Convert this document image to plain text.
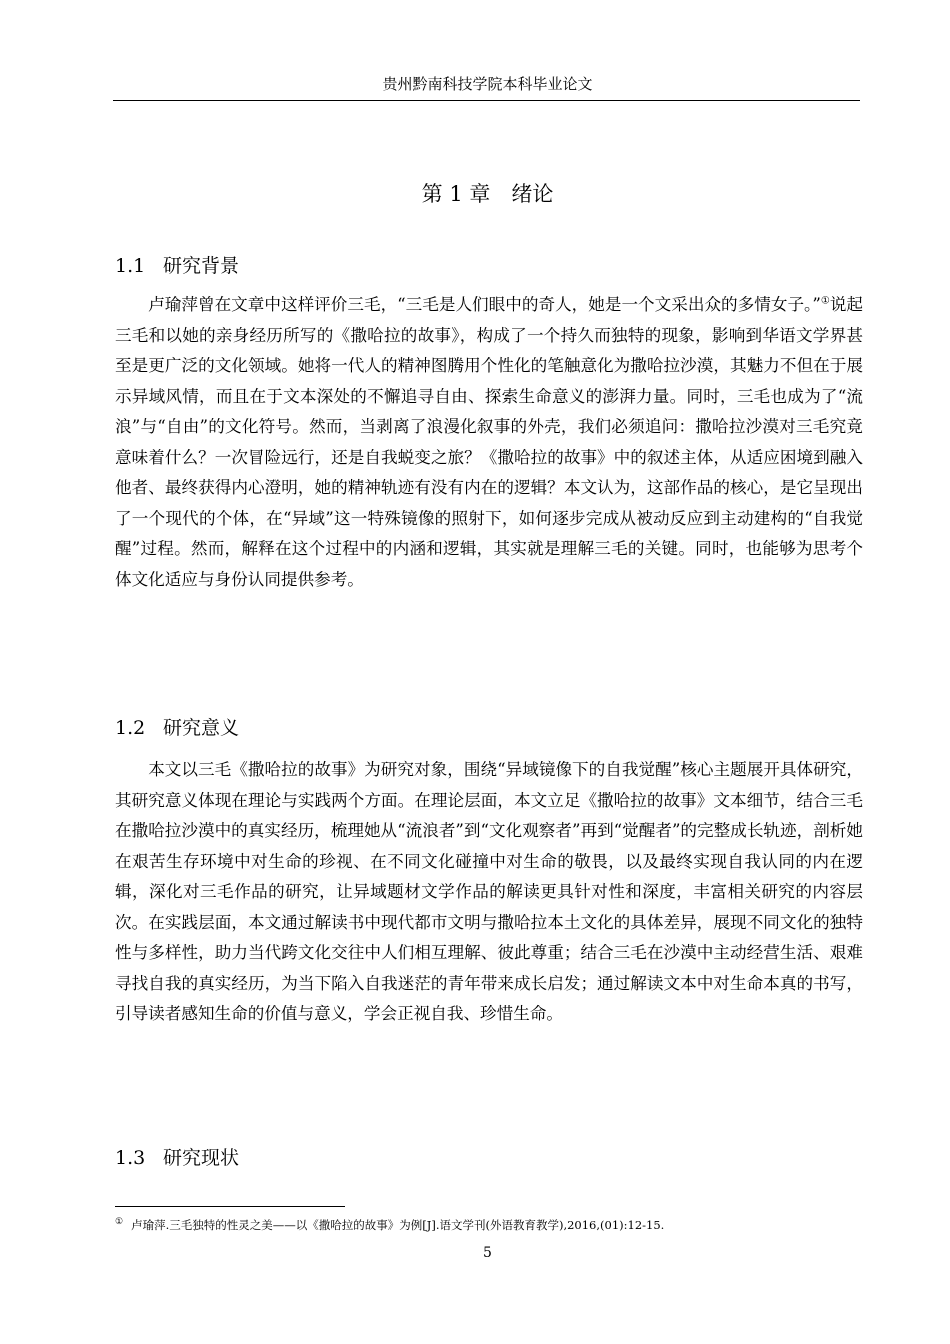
贵州黔南科技学院本科毕业论文
第 1 章　绪论
1.1 研究背景

卢瑜萍曾在文章中这样评价三毛，“三毛是人们眼中的奇人，她是一个文采出众的多情女子。”①说起三毛和以她的亲身经历所写的《撒哈拉的故事》，构成了一个持久而独特的现象，影响到华语文学界甚至是更广泛的文化领域。她将一代人的精神图腾用个性化的笔触意化为撒哈拉沙漠，其魅力不但在于展示异域风情，而且在于文本深处的不懈追寻自由、探索生命意义的澎湃力量。同时，三毛也成为了“流浪”与“自由”的文化符号。然而，当剥离了浪漫化叙事的外壳，我们必须追问：撒哈拉沙漠对三毛究竟意味着什么？一次冒险远行，还是自我蜕变之旅？《撒哈拉的故事》中的叙述主体，从适应困境到融入他者、最终获得内心澄明，她的精神轨迹有没有内在的逻辑？本文认为，这部作品的核心，是它呈现出了一个现代的个体，在“异域”这一特殊镜像的照射下，如何逐步完成从被动反应到主动建构的“自我觉醒”过程。然而，解释在这个过程中的内涵和逻辑，其实就是理解三毛的关键。同时，也能够为思考个体文化适应与身份认同提供参考。

1.2 研究意义

本文以三毛《撒哈拉的故事》为研究对象，围绕“异域镜像下的自我觉醒”核心主题展开具体研究，其研究意义体现在理论与实践两个方面。在理论层面，本文立足《撒哈拉的故事》文本细节，结合三毛在撒哈拉沙漠中的真实经历，梳理她从“流浪者”到“文化观察者”再到“觉醒者”的完整成长轨迹，剖析她在艰苦生存环境中对生命的珍视、在不同文化碰撞中对生命的敬畏，以及最终实现自我认同的内在逻辑，深化对三毛作品的研究，让异域题材文学作品的解读更具针对性和深度，丰富相关研究的内容层次。在实践层面，本文通过解读书中现代都市文明与撒哈拉本土文化的具体差异，展现不同文化的独特性与多样性，助力当代跨文化交往中人们相互理解、彼此尊重；结合三毛在沙漠中主动经营生活、艰难寻找自我的真实经历，为当下陷入自我迷茫的青年带来成长启发；通过解读文本中对生命本真的书写，引导读者感知生命的价值与意义，学会正视自我、珍惜生命。

1.3 研究现状
① 卢瑜萍.三毛独特的性灵之美——以《撒哈拉的故事》为例[J].语文学刊(外语教育教学),2016,(01):12-15.
5
